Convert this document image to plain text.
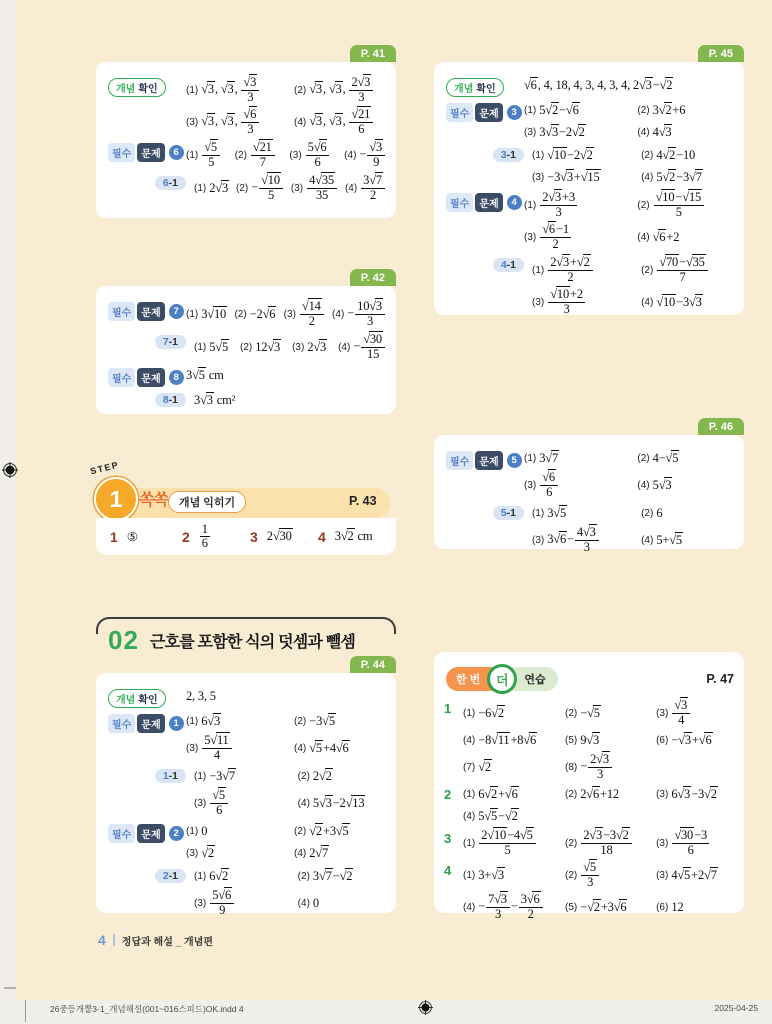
P. 41
개념 확인	(1) √3, √3, $\frac{√3}{3}$	(2) √3, √3, $\frac{2√3}{3}$
(3) √3, √3, $\frac{√6}{3}$	(4) √3, √3, $\frac{√21}{6}$
필수	문제	6 $(1) \frac{√5}{5} (2) \frac{√21}{7} (3) \frac{5√6}{6} (4) - \frac{√3}{9}$
6-1	(1) 2√3 $(2) - \frac{√10}{5} (3) \frac{4√35}{35} (4) \frac{3√7}{2}$
P. 42
필수	문제	7 (1) 3√10 (2) −2√6 $(3) \frac{√14}{2} (4) - \frac{10√3}{3}$
7-1	(1) 5√5 (2) 12√3 (3) 2√3 $(4) - \frac{√30}{15}$
필수	문제	8 3√5 cm
8-1	3√3 cm²
P. 44
개념 확인 2, 3, 5
필수	문제	1 (1) 6√3	(2) −3√5
$(3) \frac{5√11}{4}$	(4) √5+4√6
1-1	(1) −3√7	(2) 2√2
$(3) \frac{√5}{6}$	(4) 5√3−2√13
필수	문제	2 (1) 0	(2) √2+3√5
(3) √2	(4) 2√7
2-1	(1) 6√2	(2) 3√7−√2
$(3) \frac{5√6}{9}$	(4) 0
P. 45
개념 확인 √6, 4, 18, 4, 3, 4, 3, 4, 2√3−√2
필수	문제	3 (1) 5√2−√6	(2) 3√2+6
(3) 3√3−2√2	(4) 4√3
3-1	(1) √10−2√2	(2) 4√2−10
(3) −3√3+√15	(4) 5√2−3√7
필수	문제	4 $(1) \frac{2√3+3}{3}$	$(2) \frac{√10-√15}{5}$
$(3) \frac{√6-1}{2}$	(4) √6+2
4-1	$(1) \frac{2√3+√2}{2}$	$(2) \frac{√70-√35}{7}$
$(3) \frac{√10+2}{3}$	(4) √10−3√3
P. 46
필수	문제	5 (1) 3√7	(2) 4−√5
$(3) \frac{√6}{6}$	(4) 5√3
5-1	(1) 3√5	(2) 6
(3) $3√6- \frac{4√3}{3}$	(4) 5+√5
STEP
1	쏙쏙	개념 익히기	P. 43
1 ⑤	$2 \frac{1}{6}$	3 2√30 4 3√2 cm
02 근호를 포함한 식의 덧셈과 뺄셈
한 번	더	연습	P. 47
1	(1) −6√2	(2) −√5	$(3) \frac{√3}{4}$
(4) −8√11+8√6	(5) 9√3	(6) −√3+√6
(7) √2	$(8) - \frac{2√3}{3}$
2	(1) 6√2+√6	(2) 2√6+12	(3) 6√3−3√2
(4) 5√5−√2
3	$(1) \frac{2√10-4√5}{5}$	$(2) \frac{2√3-3√2}{18} (3) \frac{√30-3}{6}$
4	(1) 3+√3	$(2) \frac{√5}{3}$	(3) 4√5+2√7
$(4) - \frac{7√3}{3} - \frac{3√6}{2} (5) -√2+3√6$	(6) 12
4 정답과 해설 _ 개념편
26중등개뿔3-1_개념해설(001~016스피드)OK.indd 4	2025-04-25
